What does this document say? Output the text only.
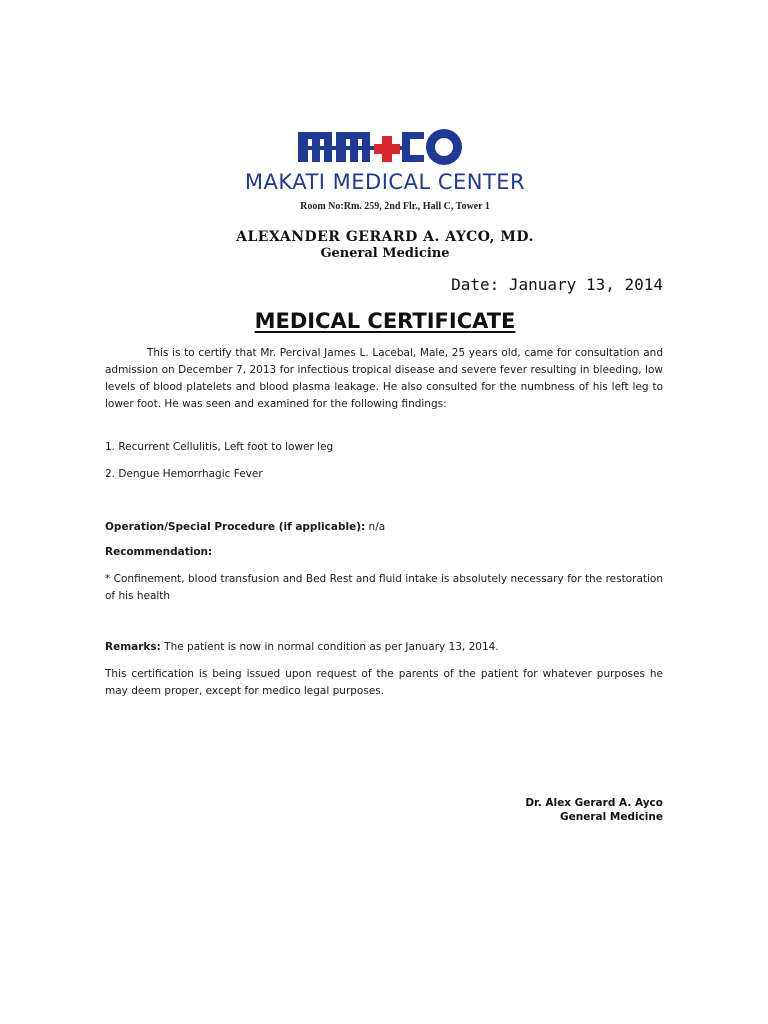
MAKATI MEDICAL CENTER
Room No:Rm. 259, 2nd Flr., Hall C, Tower 1
ALEXANDER GERARD A. AYCO, MD.
General Medicine
Date: January 13, 2014
MEDICAL CERTIFICATE
This is to certify that Mr. Percival James L. Lacebal, Male, 25 years old, came for consultation and admission on December 7, 2013 for infectious tropical disease and severe fever resulting in bleeding, low levels of blood platelets and blood plasma leakage. He also consulted for the numbness of his left leg to lower foot. He was seen and examined for the following findings:
1. Recurrent Cellulitis, Left foot to lower leg
2. Dengue Hemorrhagic Fever
Operation/Special Procedure (if applicable): n/a
Recommendation:
* Confinement, blood transfusion and Bed Rest and fluid intake is absolutely necessary for the restoration of his health
Remarks: The patient is now in normal condition as per January 13, 2014.
This certification is being issued upon request of the parents of the patient for whatever purposes he may deem proper, except for medico legal purposes.
Dr. Alex Gerard A. Ayco
General Medicine
